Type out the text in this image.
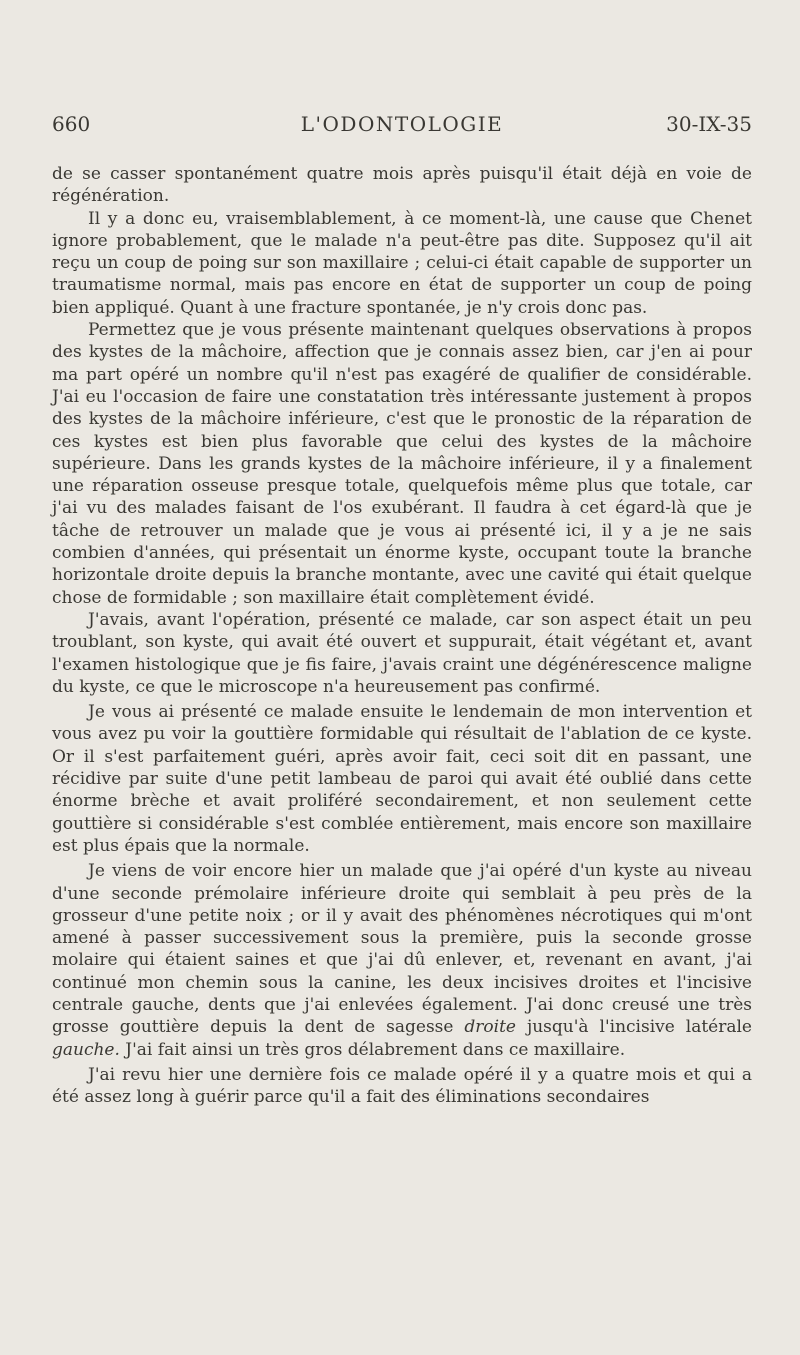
660	L'ODONTOLOGIE	30-IX-35

de se casser spontanément quatre mois après puisqu'il était déjà en voie de régénération.

Il y a donc eu, vraisemblablement, à ce moment-là, une cause que Chenet ignore probablement, que le malade n'a peut-être pas dite. Supposez qu'il ait reçu un coup de poing sur son maxillaire ; celui-ci était capable de supporter un traumatisme normal, mais pas encore en état de supporter un coup de poing bien appliqué. Quant à une fracture spontanée, je n'y crois donc pas.

Permettez que je vous présente maintenant quelques observations à propos des kystes de la mâchoire, affection que je connais assez bien, car j'en ai pour ma part opéré un nombre qu'il n'est pas exagéré de qualifier de considérable. J'ai eu l'occasion de faire une constatation très intéressante justement à propos des kystes de la mâchoire inférieure, c'est que le pronostic de la réparation de ces kystes est bien plus favorable que celui des kystes de la mâchoire supérieure. Dans les grands kystes de la mâchoire inférieure, il y a finalement une réparation osseuse presque totale, quelquefois même plus que totale, car j'ai vu des malades faisant de l'os exubérant. Il faudra à cet égard-là que je tâche de retrouver un malade que je vous ai présenté ici, il y a je ne sais combien d'années, qui présentait un énorme kyste, occupant toute la branche horizontale droite depuis la branche montante, avec une cavité qui était quelque chose de formidable ; son maxillaire était complètement évidé.

J'avais, avant l'opération, présenté ce malade, car son aspect était un peu troublant, son kyste, qui avait été ouvert et suppurait, était végétant et, avant l'examen histologique que je fis faire, j'avais craint une dégénérescence maligne du kyste, ce que le microscope n'a heureusement pas confirmé.

Je vous ai présenté ce malade ensuite le lendemain de mon intervention et vous avez pu voir la gouttière formidable qui résultait de l'ablation de ce kyste. Or il s'est parfaitement guéri, après avoir fait, ceci soit dit en passant, une récidive par suite d'une petit lambeau de paroi qui avait été oublié dans cette énorme brèche et avait proliféré secondairement, et non seulement cette gouttière si considérable s'est comblée entièrement, mais encore son maxillaire est plus épais que la normale.

Je viens de voir encore hier un malade que j'ai opéré d'un kyste au niveau d'une seconde prémolaire inférieure droite qui semblait à peu près de la grosseur d'une petite noix ; or il y avait des phénomènes nécrotiques qui m'ont amené à passer successivement sous la première, puis la seconde grosse molaire qui étaient saines et que j'ai dû enlever, et, revenant en avant, j'ai continué mon chemin sous la canine, les deux incisives droites et l'incisive centrale gauche, dents que j'ai enlevées également. J'ai donc creusé une très grosse gouttière depuis la dent de sagesse droite jusqu'à l'incisive latérale gauche. J'ai fait ainsi un très gros délabrement dans ce maxillaire.

J'ai revu hier une dernière fois ce malade opéré il y a quatre mois et qui a été assez long à guérir parce qu'il a fait des éliminations secondaires
